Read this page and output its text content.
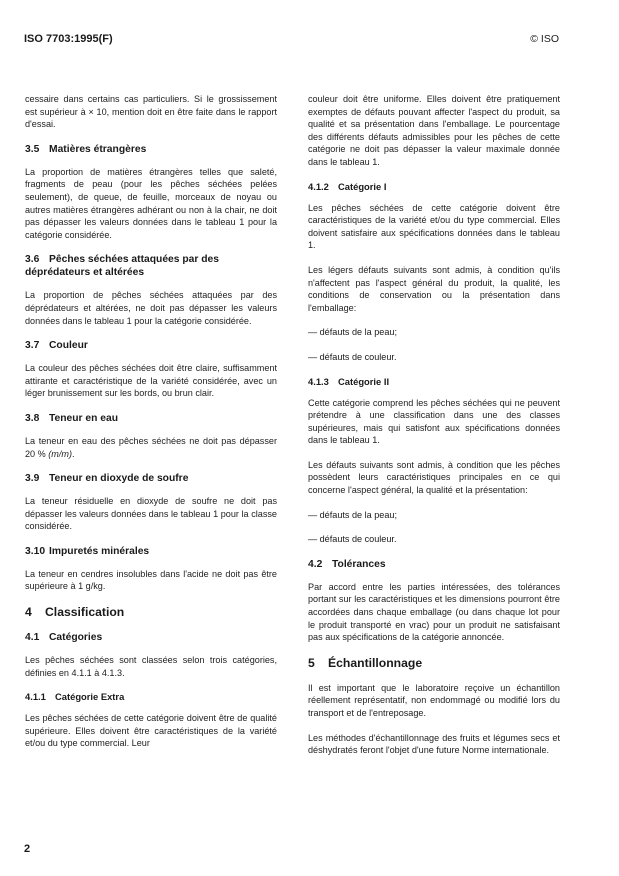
ISO 7703:1995(F)	© ISO

cessaire dans certains cas particuliers. Si le grossissement est supérieur à × 10, mention doit en être faite dans le rapport d'essai.

3.5 Matières étrangères

La proportion de matières étrangères telles que saleté, fragments de peau (pour les pêches séchées pelées seulement), de queue, de feuille, morceaux de noyau ou autres matières étrangères adhérant ou non à la chair, ne doit pas dépasser les valeurs données dans le tableau 1 pour la catégorie considérée.

3.6 Pêches séchées attaquées par des
déprédateurs et altérées

La proportion de pêches séchées attaquées par des déprédateurs et altérées, ne doit pas dépasser les valeurs données dans le tableau 1 pour la catégorie considérée.

3.7 Couleur

La couleur des pêches séchées doit être claire, suffisamment attirante et caractéristique de la variété considérée, avec un léger brunissement sur les bords, ou brun clair.

3.8 Teneur en eau

La teneur en eau des pêches séchées ne doit pas dépasser 20 % (m/m).

3.9 Teneur en dioxyde de soufre

La teneur résiduelle en dioxyde de soufre ne doit pas dépasser les valeurs données dans le tableau 1 pour la classe considérée.

3.10 Impuretés minérales

La teneur en cendres insolubles dans l'acide ne doit pas être supérieure à 1 g/kg.

4 Classification
4.1 Catégories

Les pêches séchées sont classées selon trois catégories, définies en 4.1.1 à 4.1.3.

4.1.1 Catégorie Extra

Les pêches séchées de cette catégorie doivent être de qualité supérieure. Elles doivent être caractéristiques de la variété et/ou du type commercial. Leur

couleur doit être uniforme. Elles doivent être pratiquement exemptes de défauts pouvant affecter l'aspect du produit, sa qualité et sa présentation dans l'emballage. Le pourcentage des différents défauts admissibles pour les pêches de cette catégorie ne doit pas dépasser la valeur maximale donnée dans le tableau 1.

4.1.2 Catégorie I

Les pêches séchées de cette catégorie doivent être caractéristiques de la variété et/ou du type commercial. Elles doivent satisfaire aux spécifications données dans le tableau 1.

Les légers défauts suivants sont admis, à condition qu'ils n'affectent pas l'aspect général du produit, la qualité, les conditions de conservation ou la présentation dans l'emballage:

— défauts de la peau;
— défauts de couleur.
4.1.3 Catégorie II

Cette catégorie comprend les pêches séchées qui ne peuvent prétendre à une classification dans une des classes supérieures, mais qui satisfont aux spécifications données dans le tableau 1.

Les défauts suivants sont admis, à condition que les pêches possèdent leurs caractéristiques principales en ce qui concerne l'aspect général, la qualité et la présentation:

— défauts de la peau;
— défauts de couleur.
4.2 Tolérances

Par accord entre les parties intéressées, des tolérances portant sur les caractéristiques et les dimensions pourront être accordées dans chaque emballage (ou dans chaque lot pour le produit transporté en vrac) pour un produit ne satisfaisant pas aux spécifications de la catégorie annoncée.

5 Échantillonnage

Il est important que le laboratoire reçoive un échantillon réellement représentatif, non endommagé ou modifié lors du transport et de l'entreposage.

Les méthodes d'échantillonnage des fruits et légumes secs et déshydratés feront l'objet d'une future Norme internationale.

2
